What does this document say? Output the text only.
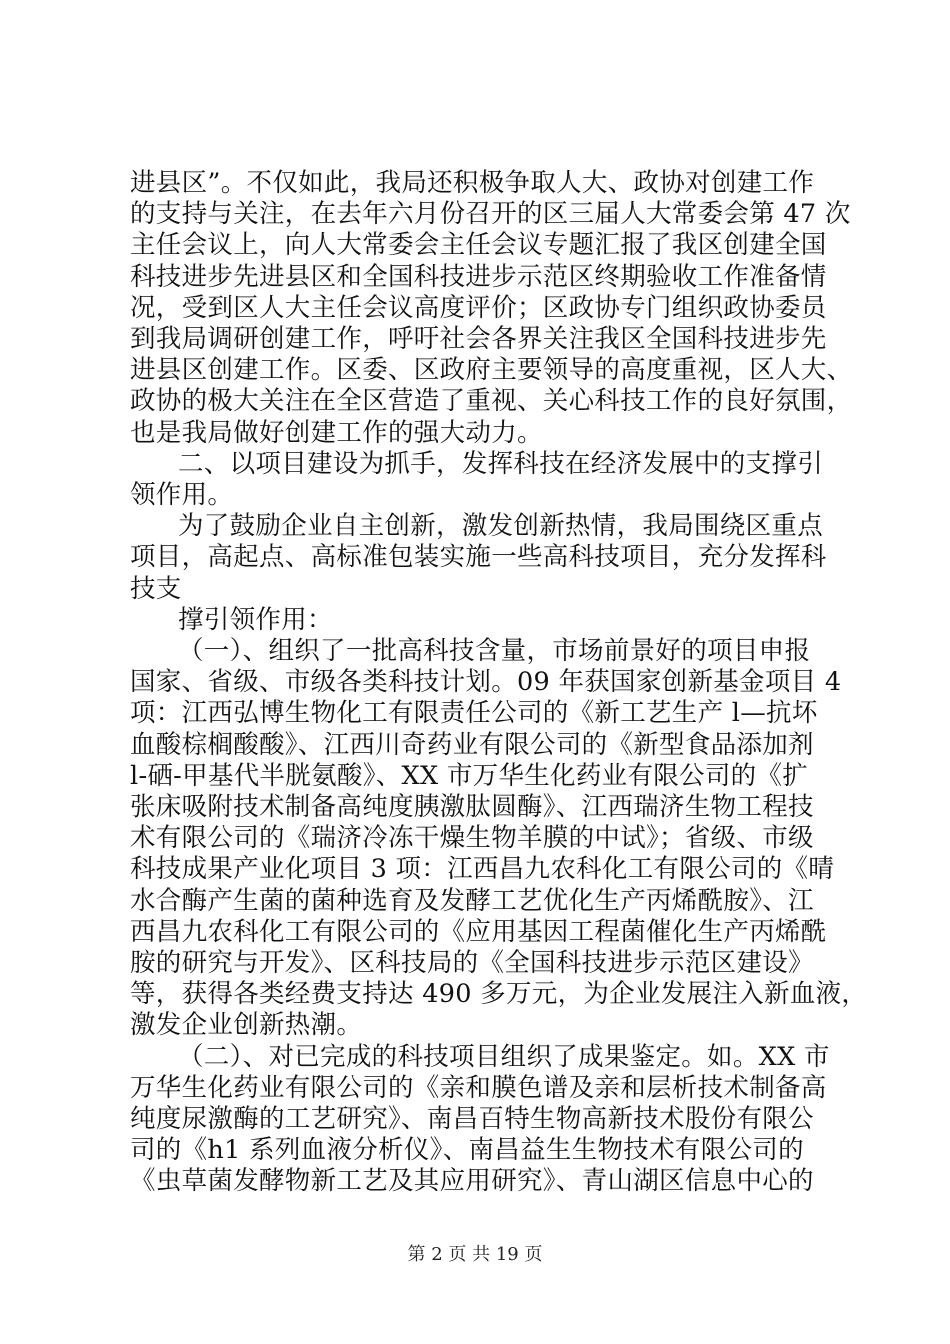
进县区”。不仅如此，我局还积极争取人大、政协对创建工作
的支持与关注，在去年六月份召开的区三届人大常委会第 47 次
主任会议上，向人大常委会主任会议专题汇报了我区创建全国
科技进步先进县区和全国科技进步示范区终期验收工作准备情
况，受到区人大主任会议高度评价；区政协专门组织政协委员
到我局调研创建工作，呼吁社会各界关注我区全国科技进步先
进县区创建工作。区委、区政府主要领导的高度重视，区人大、
政协的极大关注在全区营造了重视、关心科技工作的良好氛围，
也是我局做好创建工作的强大动力。
二、以项目建设为抓手，发挥科技在经济发展中的支撑引
领作用。
为了鼓励企业自主创新，激发创新热情，我局围绕区重点
项目，高起点、高标准包装实施一些高科技项目，充分发挥科
技支
撑引领作用：
（一）、组织了一批高科技含量，市场前景好的项目申报
国家、省级、市级各类科技计划。09 年获国家创新基金项目 4
项：江西弘博生物化工有限责任公司的《新工艺生产 l—抗坏
血酸棕榈酸酸》、江西川奇药业有限公司的《新型食品添加剂
l-硒-甲基代半胱氨酸》、XX 市万华生化药业有限公司的《扩
张床吸附技术制备高纯度胰激肽圆酶》、江西瑞济生物工程技
术有限公司的《瑞济冷冻干燥生物羊膜的中试》；省级、市级
科技成果产业化项目 3 项：江西昌九农科化工有限公司的《晴
水合酶产生菌的菌种选育及发酵工艺优化生产丙烯酰胺》、江
西昌九农科化工有限公司的《应用基因工程菌催化生产丙烯酰
胺的研究与开发》、区科技局的《全国科技进步示范区建设》
等，获得各类经费支持达 490 多万元，为企业发展注入新血液，
激发企业创新热潮。
（二）、对已完成的科技项目组织了成果鉴定。如。XX 市
万华生化药业有限公司的《亲和膜色谱及亲和层析技术制备高
纯度尿激酶的工艺研究》、南昌百特生物高新技术股份有限公
司的《h1 系列血液分析仪》、南昌益生生物技术有限公司的
《虫草菌发酵物新工艺及其应用研究》、青山湖区信息中心的
第 2 页 共 19 页
